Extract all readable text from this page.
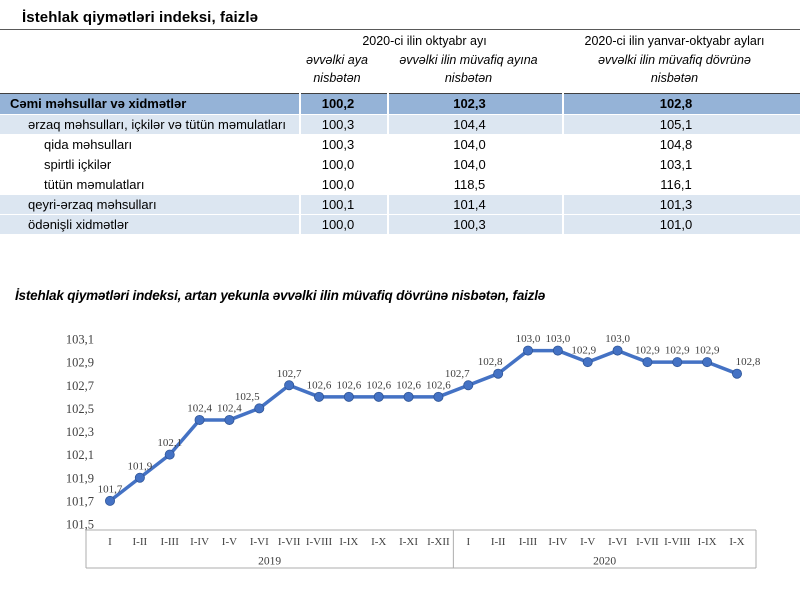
İstehlak qiymətləri indeksi, faizlə
	2020-ci ilin oktyabr ayı		2020-ci ilin yanvar-oktyabr ayları
	əvvəlki aya nisbətən	əvvəlki ilin müvafiq ayına nisbətən	əvvəlki ilin müvafiq dövrünə nisbətən
Cəmi məhsullar və xidmətlər	100,2	102,3	102,8
ərzaq məhsulları, içkilər və tütün məmulatları	100,3	104,4	105,1
qida məhsulları	100,3	104,0	104,8
spirtli içkilər	100,0	104,0	103,1
tütün məmulatları	100,0	118,5	116,1
qeyri-ərzaq məhsulları	100,1	101,4	101,3
ödənişli xidmətlər	100,0	100,3	101,0
İstehlak qiymətləri indeksi, artan yekunla əvvəlki ilin müvafiq dövrünə nisbətən, faizlə
103,1
102,9
102,7
102,5
102,3
102,1
101,9
101,7
101,5
I I-II I-III I-IV I-V I-VI I-VII I-VIII I-IX I-X I-XI I-XII
2019
I I-II I-III I-IV I-V I-VI I-VII I-VIII I-IX I-X
2020
101,7
101,9
102,1
102,4 102,4
102,5
102,7
102,6 102,6 102,6 102,6 102,6
102,7
102,8
103,0 103,0
102,9
103,0
102,9 102,9 102,9
102,8
